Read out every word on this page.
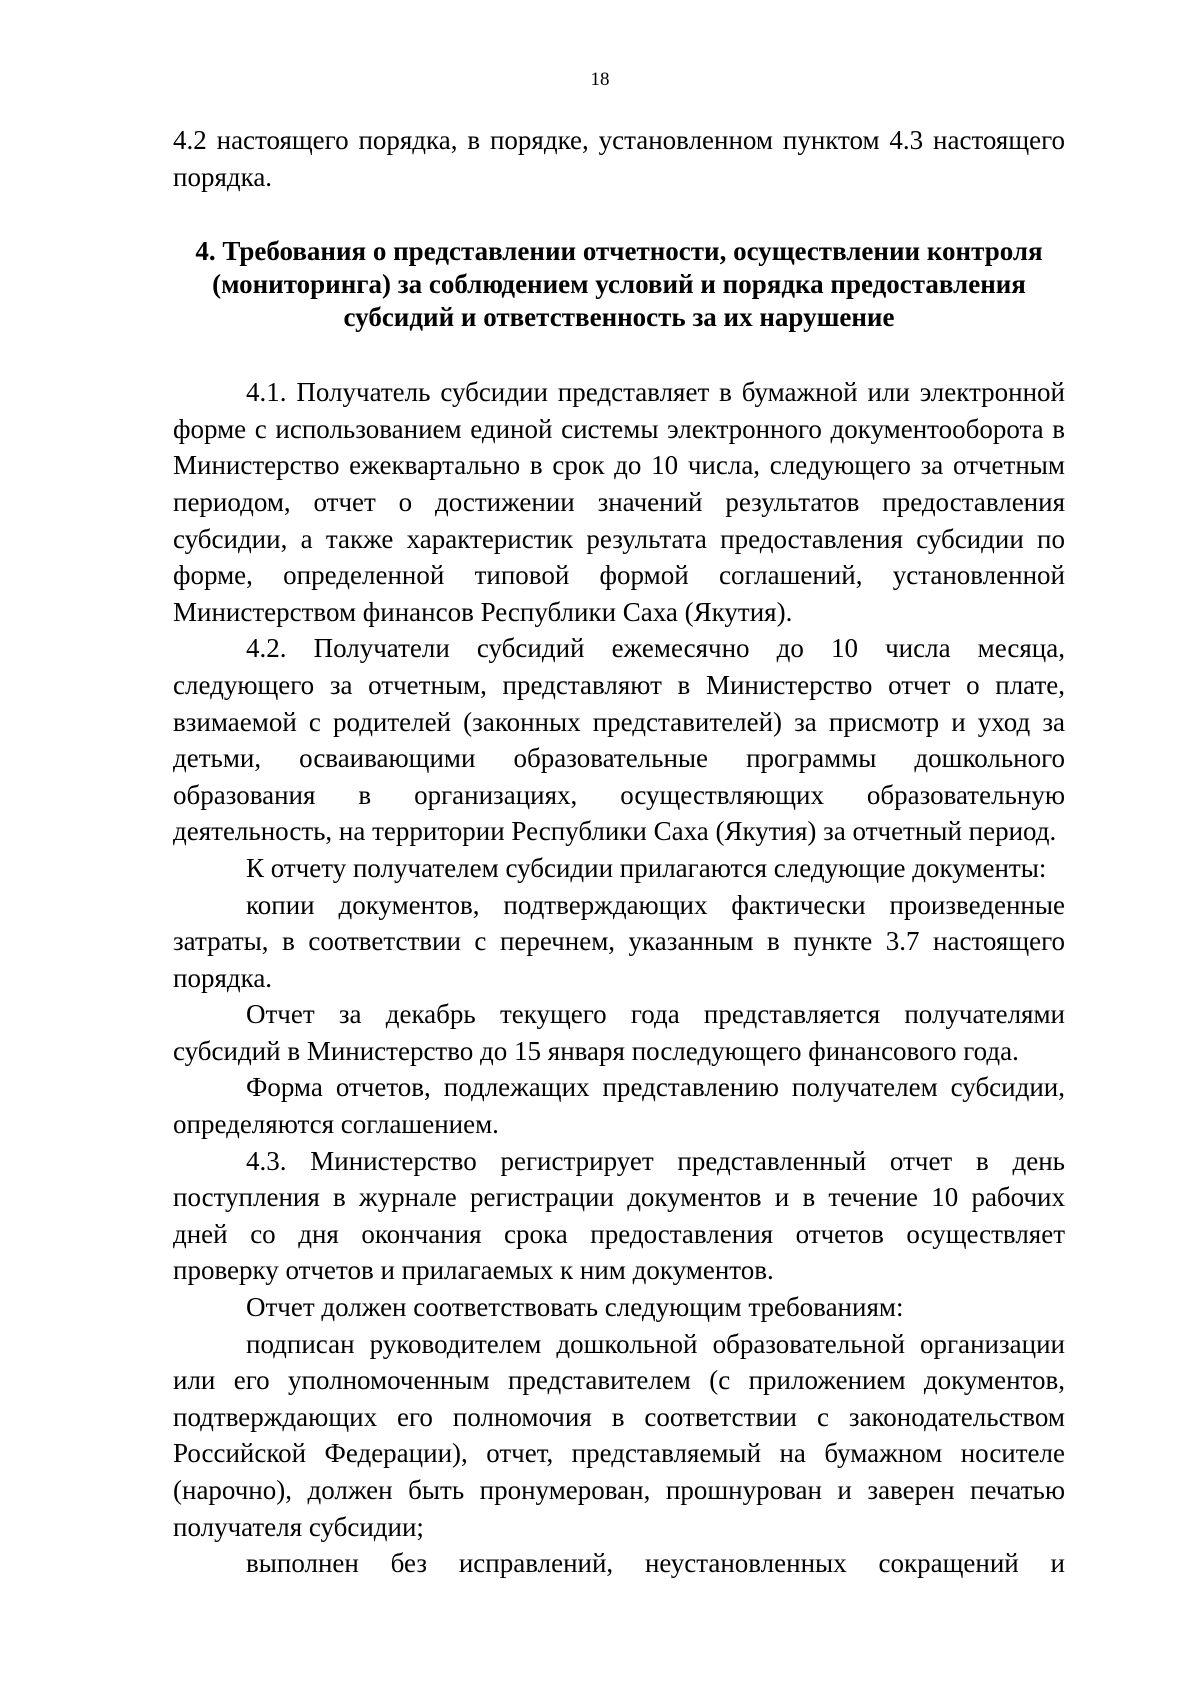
18

4.2 настоящего порядка, в порядке, установленном пунктом 4.3 настоящего порядка.

4. Требования о представлении отчетности, осуществлении контроля (мониторинга) за соблюдением условий и порядка предоставления субсидий и ответственность за их нарушение

4.1. Получатель субсидии представляет в бумажной или электронной форме с использованием единой системы электронного документооборота в Министерство ежеквартально в срок до 10 числа, следующего за отчетным периодом, отчет о достижении значений результатов предоставления субсидии, а также характеристик результата предоставления субсидии по форме, определенной типовой формой соглашений, установленной Министерством финансов Республики Саха (Якутия).

4.2. Получатели субсидий ежемесячно до 10 числа месяца, следующего за отчетным, представляют в Министерство отчет о плате, взимаемой с родителей (законных представителей) за присмотр и уход за детьми, осваивающими образовательные программы дошкольного образования в организациях, осуществляющих образовательную деятельность, на территории Республики Саха (Якутия) за отчетный период.

К отчету получателем субсидии прилагаются следующие документы:

копии документов, подтверждающих фактически произведенные затраты, в соответствии с перечнем, указанным в пункте 3.7 настоящего порядка.

Отчет за декабрь текущего года представляется получателями субсидий в Министерство до 15 января последующего финансового года.

Форма отчетов, подлежащих представлению получателем субсидии, определяются соглашением.

4.3. Министерство регистрирует представленный отчет в день поступления в журнале регистрации документов и в течение 10 рабочих дней со дня окончания срока предоставления отчетов осуществляет проверку отчетов и прилагаемых к ним документов.

Отчет должен соответствовать следующим требованиям:

подписан руководителем дошкольной образовательной организации или его уполномоченным представителем (с приложением документов, подтверждающих его полномочия в соответствии с законодательством Российской Федерации), отчет, представляемый на бумажном носителе (нарочно), должен быть пронумерован, прошнурован и заверен печатью получателя субсидии;

выполнен без исправлений, неустановленных сокращений и
